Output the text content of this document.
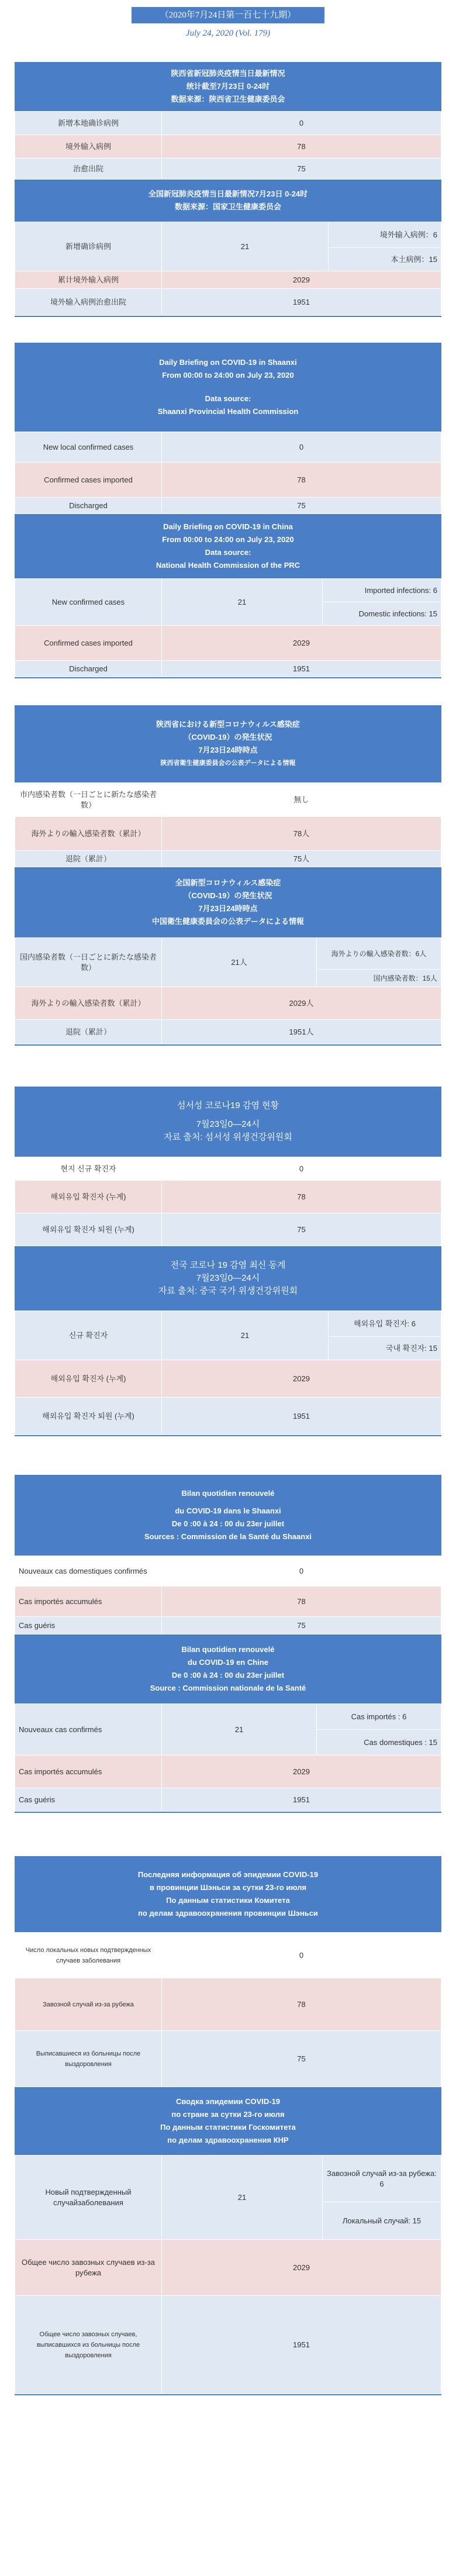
（2020年7月24日第一百七十九期）
July 24, 2020 (Vol. 179)
陕西省新冠肺炎疫情当日最新情况
统计截至7月23日 0-24时
数据来源：陕西省卫生健康委员会
新增本地确诊病例	0
境外输入病例	78
治愈出院	75
全国新冠肺炎疫情当日最新情况7月23日 0-24时
数据来源：国家卫生健康委员会
新增确诊病例	21	境外输入病例：6
		本土病例：15
累计境外输入病例	2029	
境外输入病例治愈出院	1951	
Daily Briefing on COVID-19 in Shaanxi
From 00:00 to 24:00 on July 23, 2020
Data source:
Shaanxi Provincial Health Commission
New local confirmed cases	0
Confirmed cases imported	78
Discharged	75
Daily Briefing on COVID-19 in China
From 00:00 to 24:00 on July 23, 2020
Data source:
National Health Commission of the PRC
New confirmed cases	21	Imported infections: 6
		Domestic infections: 15
Confirmed cases imported	2029	
Discharged	1951	
陝西省における新型コロナウィルス感染症
（COVID-19）の発生状況
7月23日24時時点
陝西省衛生健康委員会の公表データによる情報
市内感染者数（一日ごとに新たな感染者数）	無し
海外よりの輸入感染者数（累計）	78人
退院（累計）	75人
全国新型コロナウィルス感染症
（COVID-19）の発生状況
7月23日24時時点
中国衛生健康委員会の公表データによる情報
国内感染者数（一日ごとに新たな感染者数）	21人	海外よりの輸入感染者数：6人
		国内感染者数：15人
海外よりの輸入感染者数（累計）	2029人	
退院（累計）	1951人	
섬서성 코로나19 감염 현황
7월23일0—24시
자료 출처: 섬서성 위생건강위원회
현지 신규 확진자	0
해외유입 확진자 (누계)	78
해외유입 확진자 퇴원 (누계)	75
전국 코로나 19 감염 최신 동계
7월23일0—24시
자료 출처: 중국 국가 위생건강위원회
신규 확진자	21	해외유입 확진자: 6
		국내 확진자: 15
해외유입 확진자 (누계)	2029	
해외유입 확진자 퇴원 (누계)	1951	
Bilan quotidien renouvelé
du COVID-19 dans le Shaanxi
De 0 :00 à 24 : 00 du 23er juillet
Sources : Commission de la Santé du Shaanxi
Nouveaux cas domestiques confirmés	0
Cas importés accumulés	78
Cas guéris	75
Bilan quotidien renouvelé
du COVID-19 en Chine
De 0 :00 à 24 : 00 du 23er juillet
Source : Commission nationale de la Santé
Nouveaux cas confirmés	21	Cas importés : 6
		Cas domestiques : 15
Cas importés accumulés	2029	
Cas guéris	1951	
Последняя информация об эпидемии COVID-19
в провинции Шэньси за сутки 23-го июля
По данным статистики Комитета
по делам здравоохранения провинции Шэньси
Число локальных новых подтвержденных случаев заболевания	0
Завозной случай из-за рубежа	78
Выписавшиеся из больницы после выздоровления	75
Сводка эпидемии COVID-19
по стране за сутки 23-го июля
По данным статистики Госкомитета
по делам здравоохранения КНР
Новый подтвержденный случайзаболевания	21	Завозной случай из-за рубежа: 6
		Локальный случай: 15
Общее число завозных случаев из-за рубежа	2029	
Общее число завозных случаев, выписавшихся из больницы после выздоровления	1951	
